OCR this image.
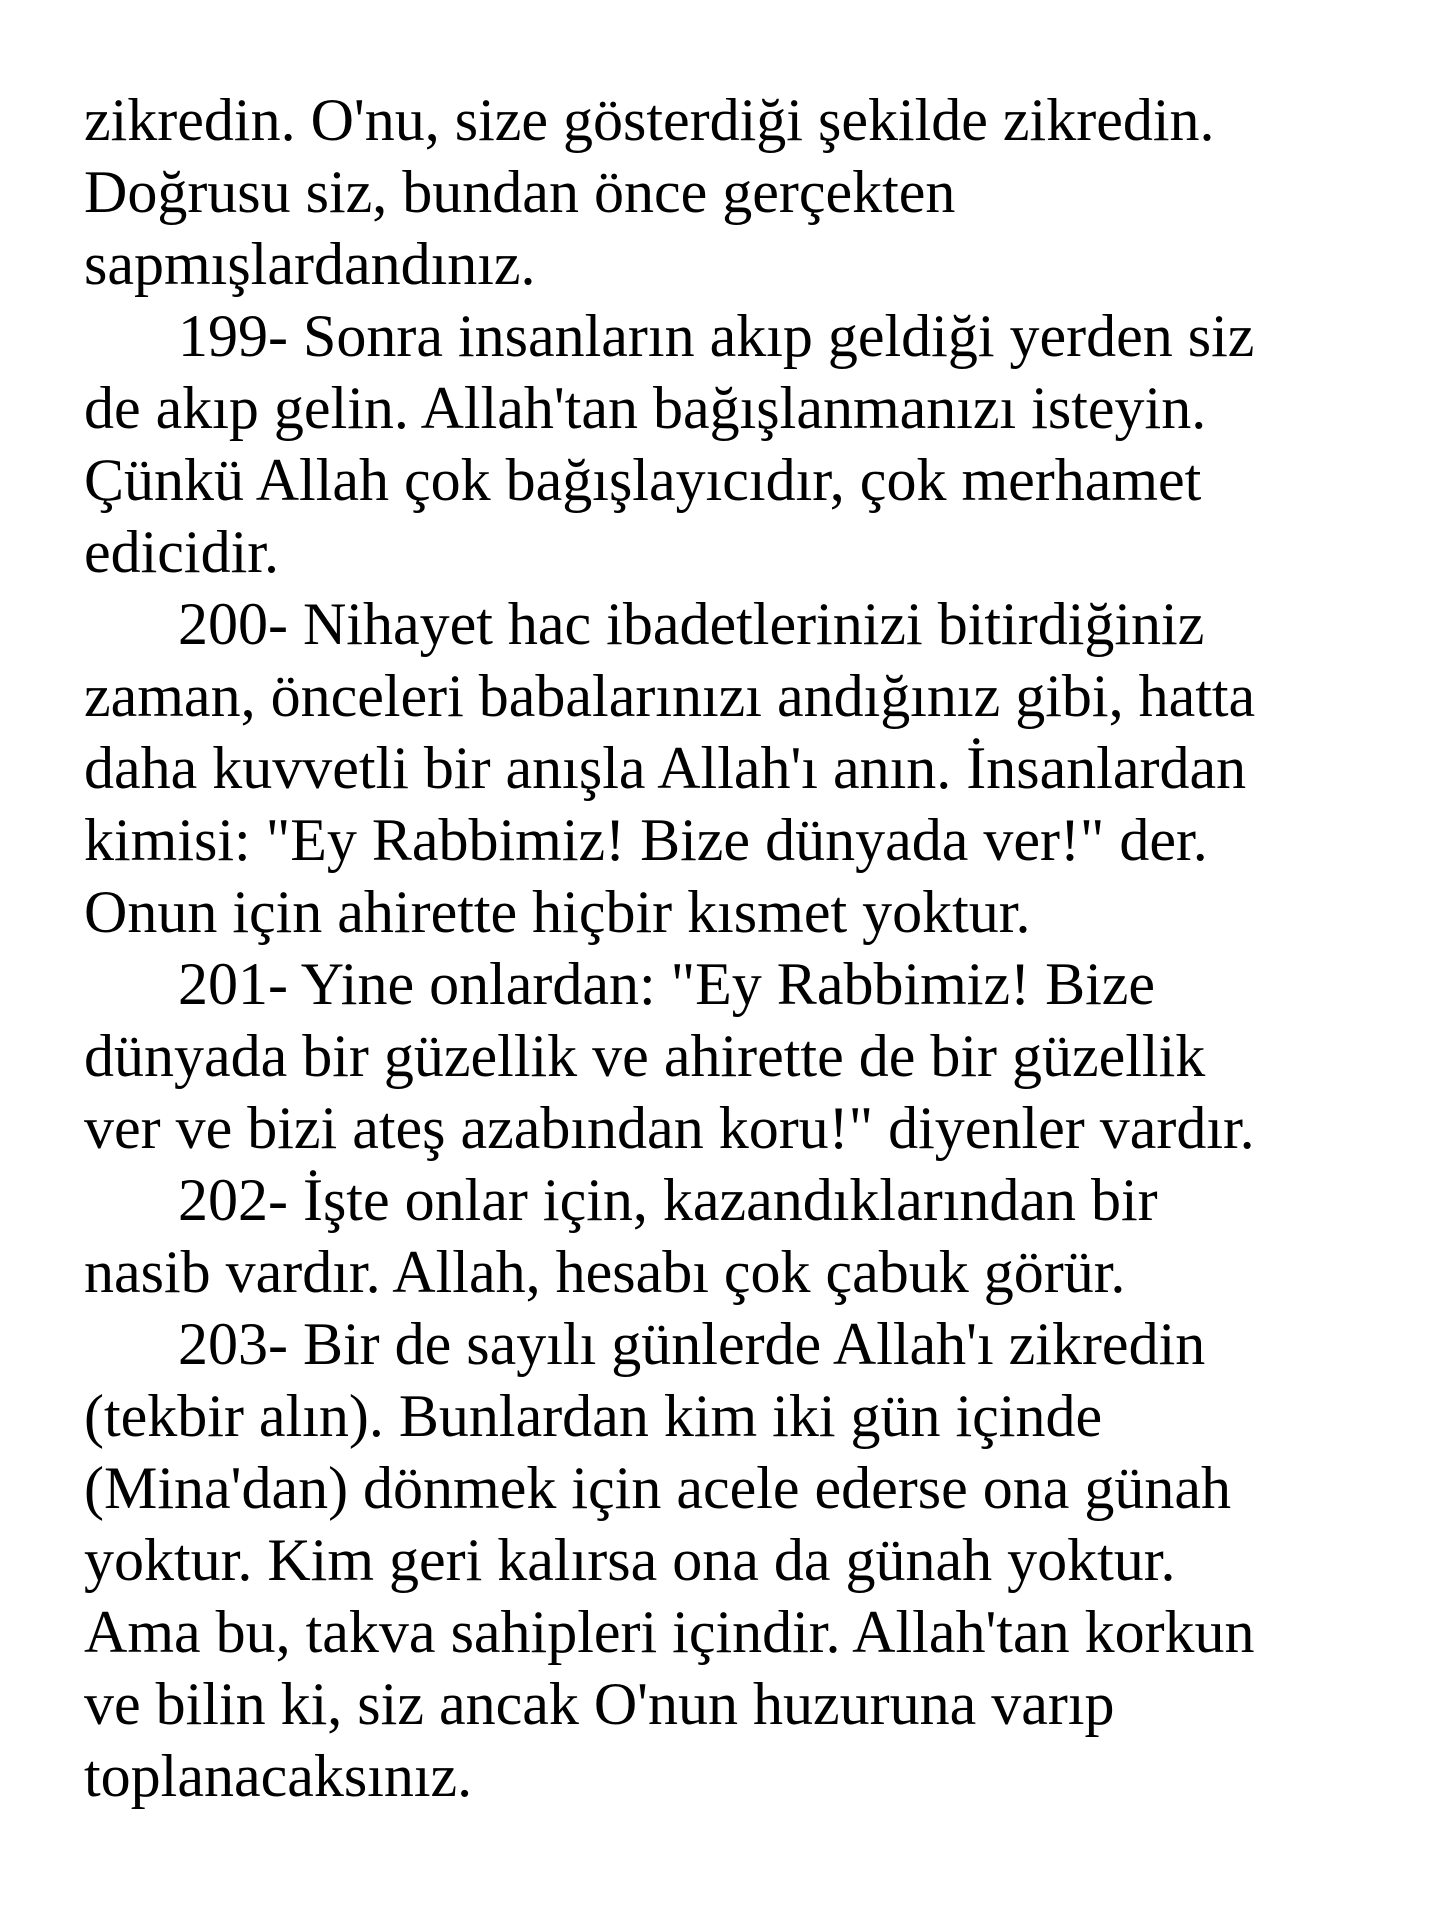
zikredin. O'nu, size gösterdiği şekilde zikredin.
Doğrusu siz, bundan önce gerçekten
sapmışlardandınız.
199- Sonra insanların akıp geldiği yerden siz
de akıp gelin. Allah'tan bağışlanmanızı isteyin.
Çünkü Allah çok bağışlayıcıdır, çok merhamet
edicidir.
200- Nihayet hac ibadetlerinizi bitirdiğiniz
zaman, önceleri babalarınızı andığınız gibi, hatta
daha kuvvetli bir anışla Allah'ı anın. İnsanlardan
kimisi: "Ey Rabbimiz! Bize dünyada ver!" der.
Onun için ahirette hiçbir kısmet yoktur.
201- Yine onlardan: "Ey Rabbimiz! Bize
dünyada bir güzellik ve ahirette de bir güzellik
ver ve bizi ateş azabından koru!" diyenler vardır.
202- İşte onlar için, kazandıklarından bir
nasib vardır. Allah, hesabı çok çabuk görür.
203- Bir de sayılı günlerde Allah'ı zikredin
(tekbir alın). Bunlardan kim iki gün içinde
(Mina'dan) dönmek için acele ederse ona günah
yoktur. Kim geri kalırsa ona da günah yoktur.
Ama bu, takva sahipleri içindir. Allah'tan korkun
ve bilin ki, siz ancak O'nun huzuruna varıp
toplanacaksınız.
